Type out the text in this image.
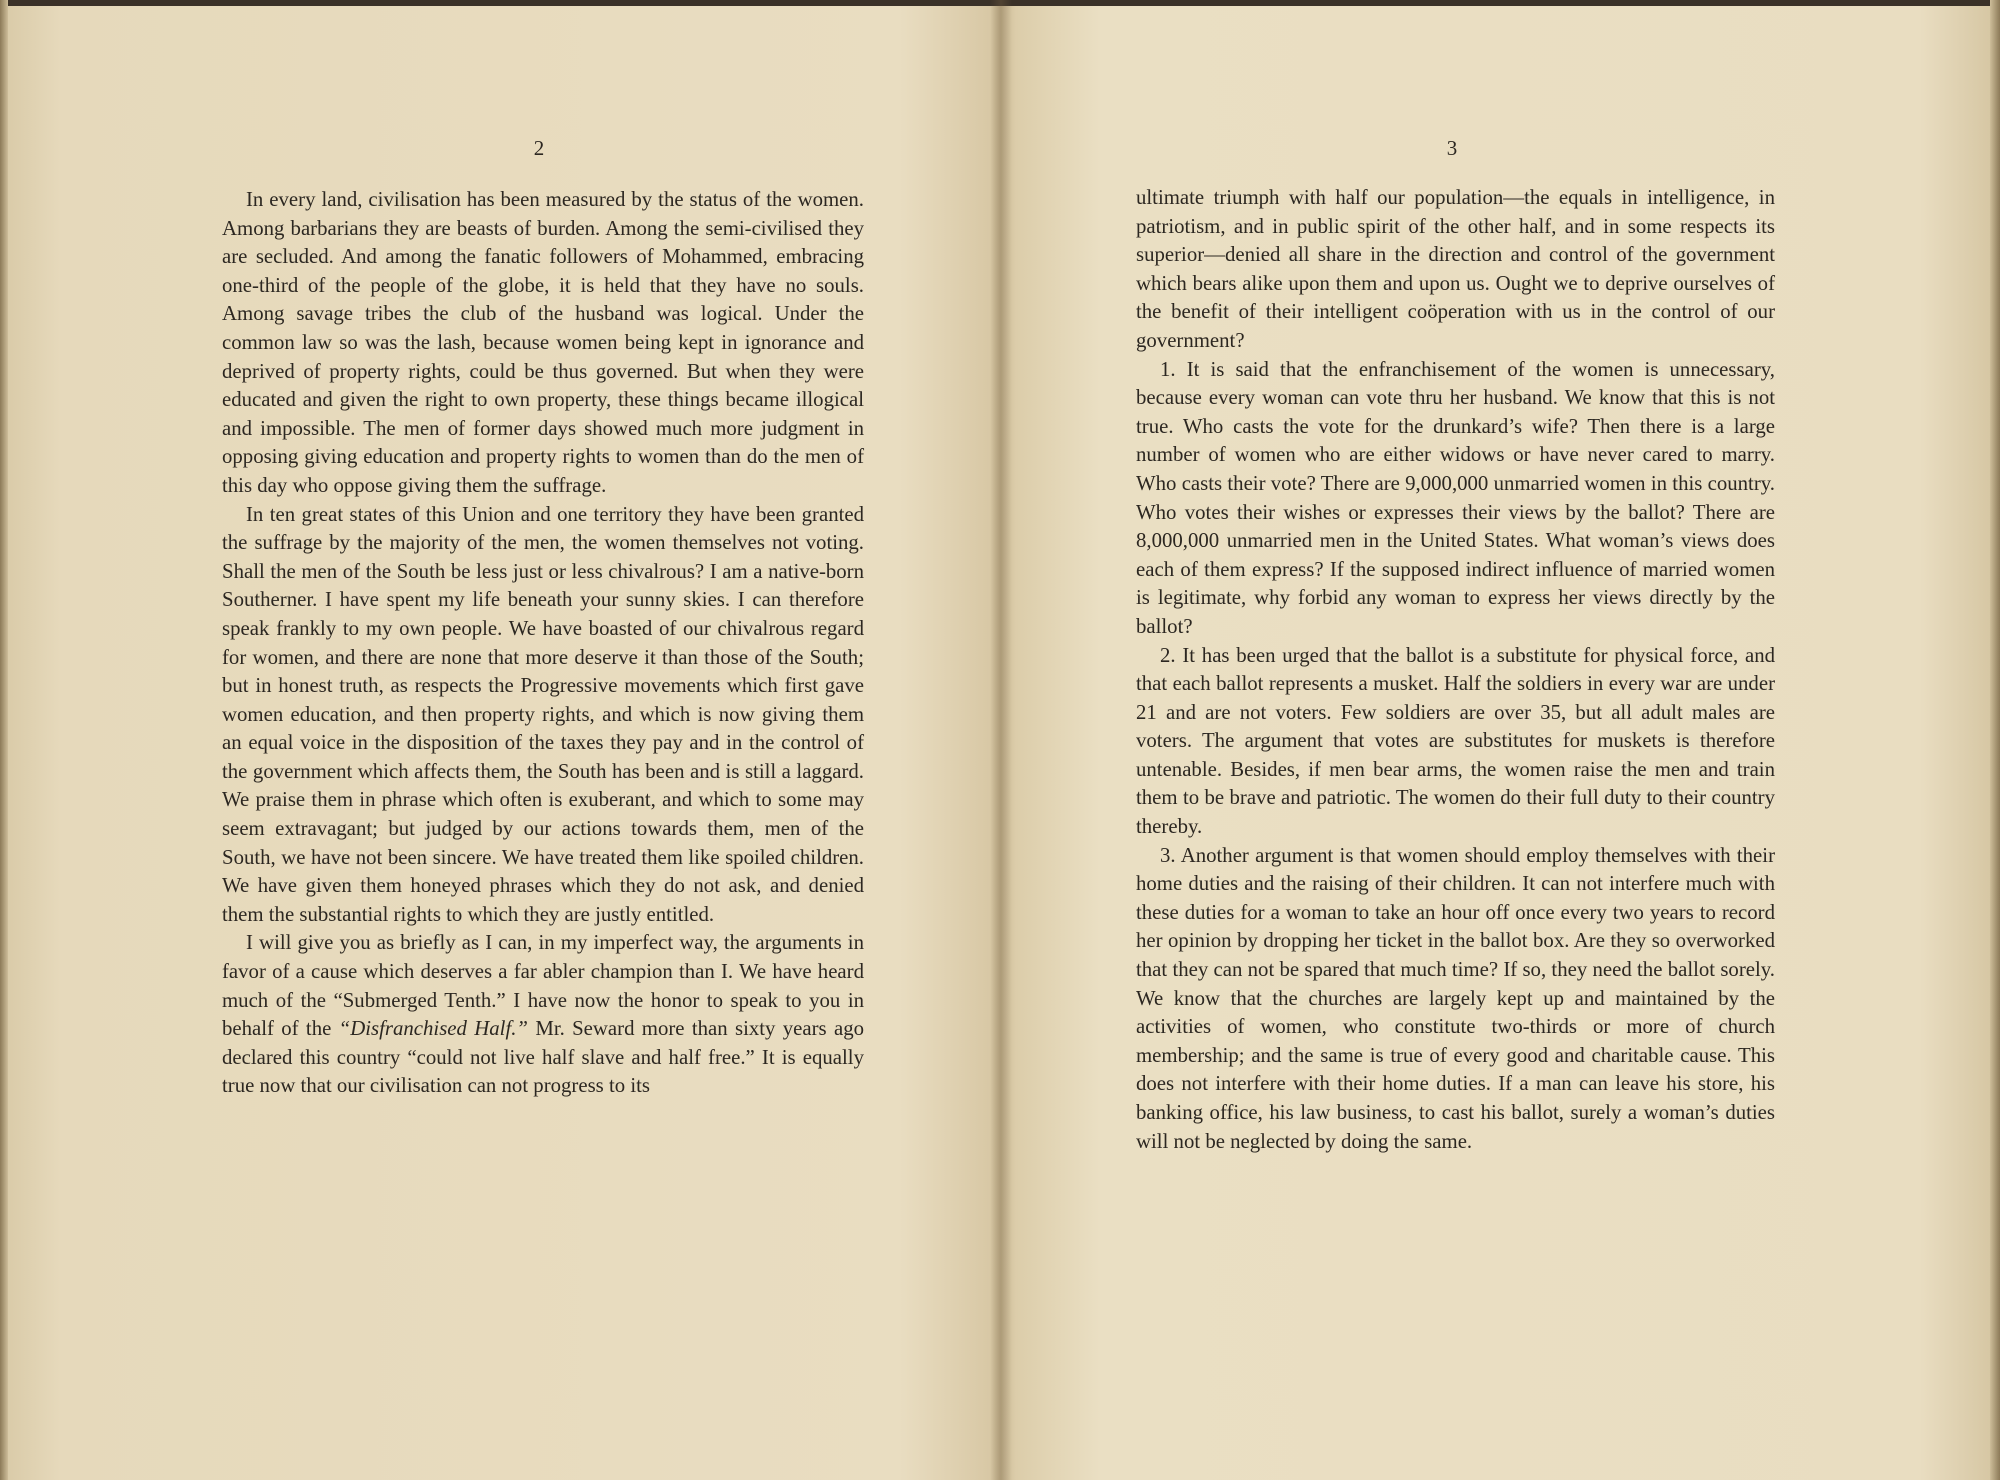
2

In every land, civilisation has been measured by the status of the women. Among barbarians they are beasts of burden. Among the semi-civilised they are secluded. And among the fanatic followers of Mohammed, embracing one-third of the people of the globe, it is held that they have no souls. Among savage tribes the club of the husband was logical. Under the common law so was the lash, because women being kept in ignorance and deprived of property rights, could be thus governed. But when they were educated and given the right to own property, these things became illogical and impossible. The men of former days showed much more judgment in opposing giving education and property rights to women than do the men of this day who oppose giving them the suffrage.

In ten great states of this Union and one territory they have been granted the suffrage by the majority of the men, the women themselves not voting. Shall the men of the South be less just or less chivalrous? I am a native-born Southerner. I have spent my life beneath your sunny skies. I can therefore speak frankly to my own people. We have boasted of our chivalrous regard for women, and there are none that more deserve it than those of the South; but in honest truth, as respects the Progressive movements which first gave women education, and then property rights, and which is now giving them an equal voice in the disposition of the taxes they pay and in the control of the government which affects them, the South has been and is still a laggard. We praise them in phrase which often is exuberant, and which to some may seem extravagant; but judged by our actions towards them, men of the South, we have not been sincere. We have treated them like spoiled children. We have given them honeyed phrases which they do not ask, and denied them the substantial rights to which they are justly entitled.

I will give you as briefly as I can, in my imperfect way, the arguments in favor of a cause which deserves a far abler champion than I. We have heard much of the “Submerged Tenth.” I have now the honor to speak to you in behalf of the “Disfranchised Half.” Mr. Seward more than sixty years ago declared this country “could not live half slave and half free.” It is equally true now that our civilisation can not progress to its

3

ultimate triumph with half our population—the equals in intelligence, in patriotism, and in public spirit of the other half, and in some respects its superior—denied all share in the direction and control of the government which bears alike upon them and upon us. Ought we to deprive ourselves of the benefit of their intelligent coöperation with us in the control of our government?

1. It is said that the enfranchisement of the women is unnecessary, because every woman can vote thru her husband. We know that this is not true. Who casts the vote for the drunkard’s wife? Then there is a large number of women who are either widows or have never cared to marry. Who casts their vote? There are 9,000,000 unmarried women in this country. Who votes their wishes or expresses their views by the ballot? There are 8,000,000 unmarried men in the United States. What woman’s views does each of them express? If the supposed indirect influence of married women is legitimate, why forbid any woman to express her views directly by the ballot?

2. It has been urged that the ballot is a substitute for physical force, and that each ballot represents a musket. Half the soldiers in every war are under 21 and are not voters. Few soldiers are over 35, but all adult males are voters. The argument that votes are substitutes for muskets is therefore untenable. Besides, if men bear arms, the women raise the men and train them to be brave and patriotic. The women do their full duty to their country thereby.

3. Another argument is that women should employ themselves with their home duties and the raising of their children. It can not interfere much with these duties for a woman to take an hour off once every two years to record her opinion by dropping her ticket in the ballot box. Are they so overworked that they can not be spared that much time? If so, they need the ballot sorely. We know that the churches are largely kept up and maintained by the activities of women, who constitute two-thirds or more of church membership; and the same is true of every good and charitable cause. This does not interfere with their home duties. If a man can leave his store, his banking office, his law business, to cast his ballot, surely a woman’s duties will not be neglected by doing the same.
